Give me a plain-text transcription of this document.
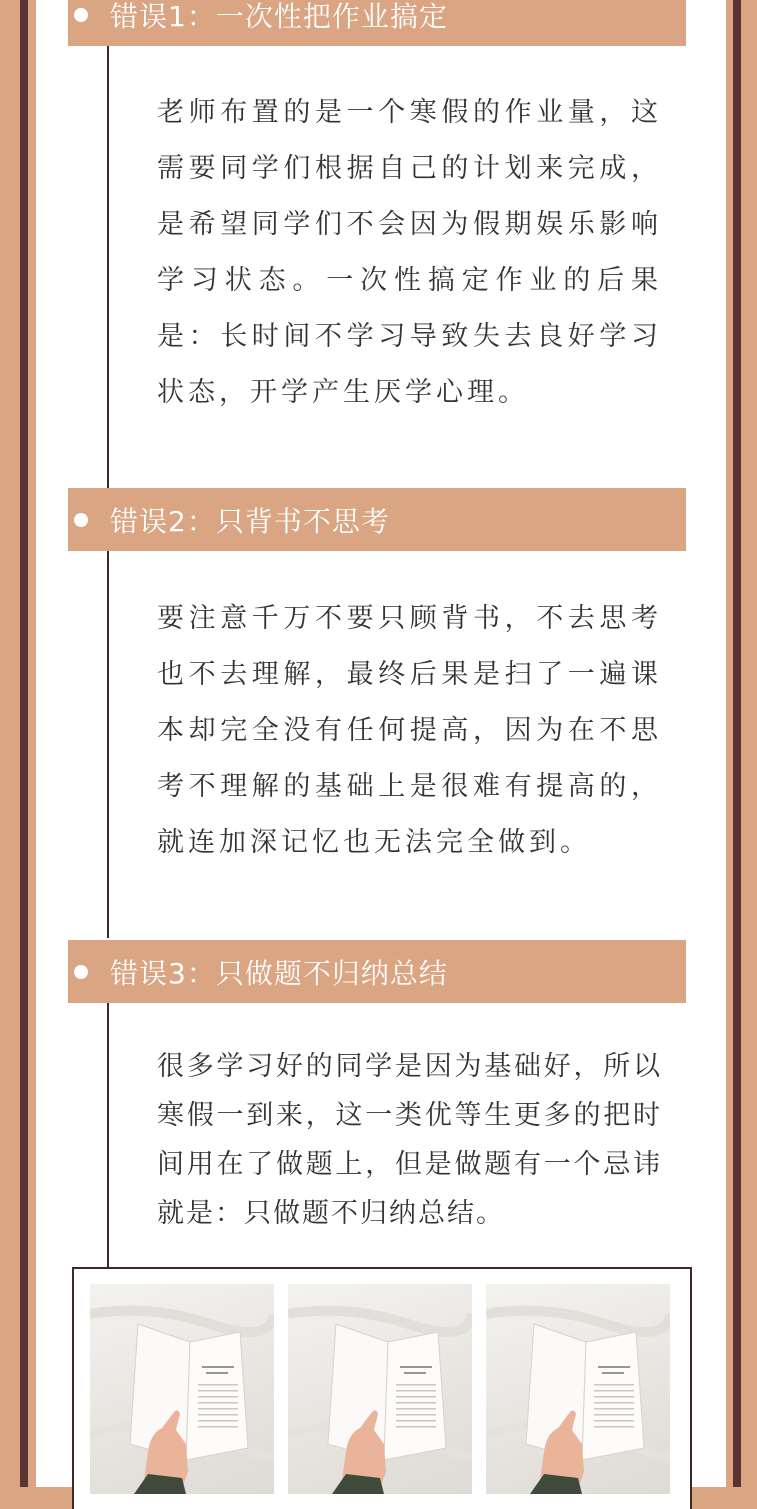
错误1：一次性把作业搞定
老师布置的是一个寒假的作业量，这需要同学们根据自己的计划来完成，是希望同学们不会因为假期娱乐影响学习状态。一次性搞定作业的后果是：长时间不学习导致失去良好学习状态，开学产生厌学心理。
错误2：只背书不思考
要注意千万不要只顾背书，不去思考也不去理解，最终后果是扫了一遍课本却完全没有任何提高，因为在不思考不理解的基础上是很难有提高的，就连加深记忆也无法完全做到。
错误3：只做题不归纳总结
很多学习好的同学是因为基础好，所以寒假一到来，这一类优等生更多的把时间用在了做题上，但是做题有一个忌讳就是：只做题不归纳总结。
